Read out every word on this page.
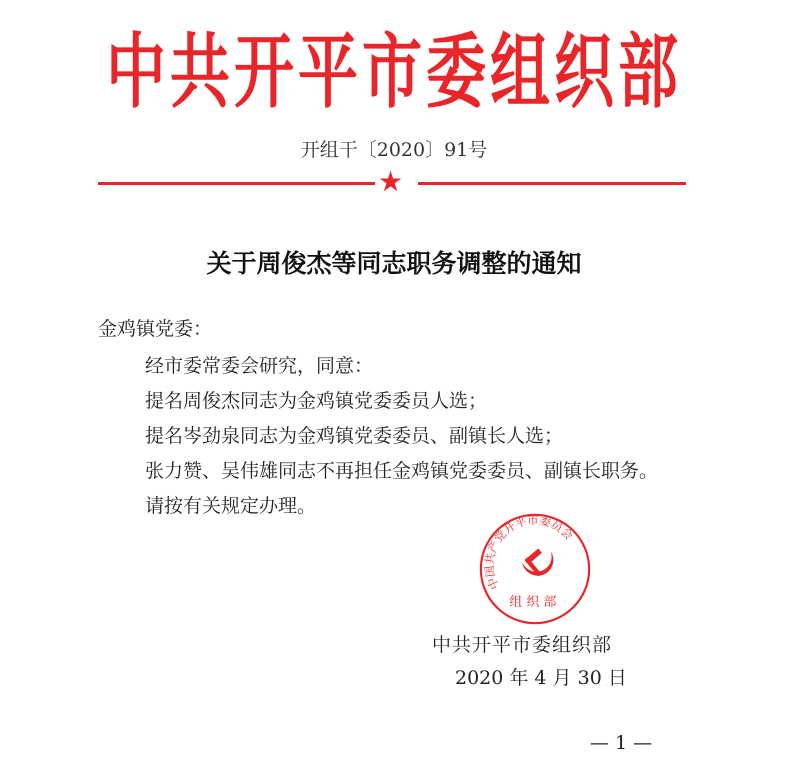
中共开平市委组织部
开组干〔2020〕91号
★
关于周俊杰等同志职务调整的通知
金鸡镇党委：
经市委常委会研究，同意：
提名周俊杰同志为金鸡镇党委委员人选；
提名岑劲泉同志为金鸡镇党委委员、副镇长人选；
张力赞、吴伟雄同志不再担任金鸡镇党委委员、副镇长职务。
请按有关规定办理。
中国共产党开平市委员会
组织部
中共开平市委组织部
2020 年 4 月 30 日
— 1 —
